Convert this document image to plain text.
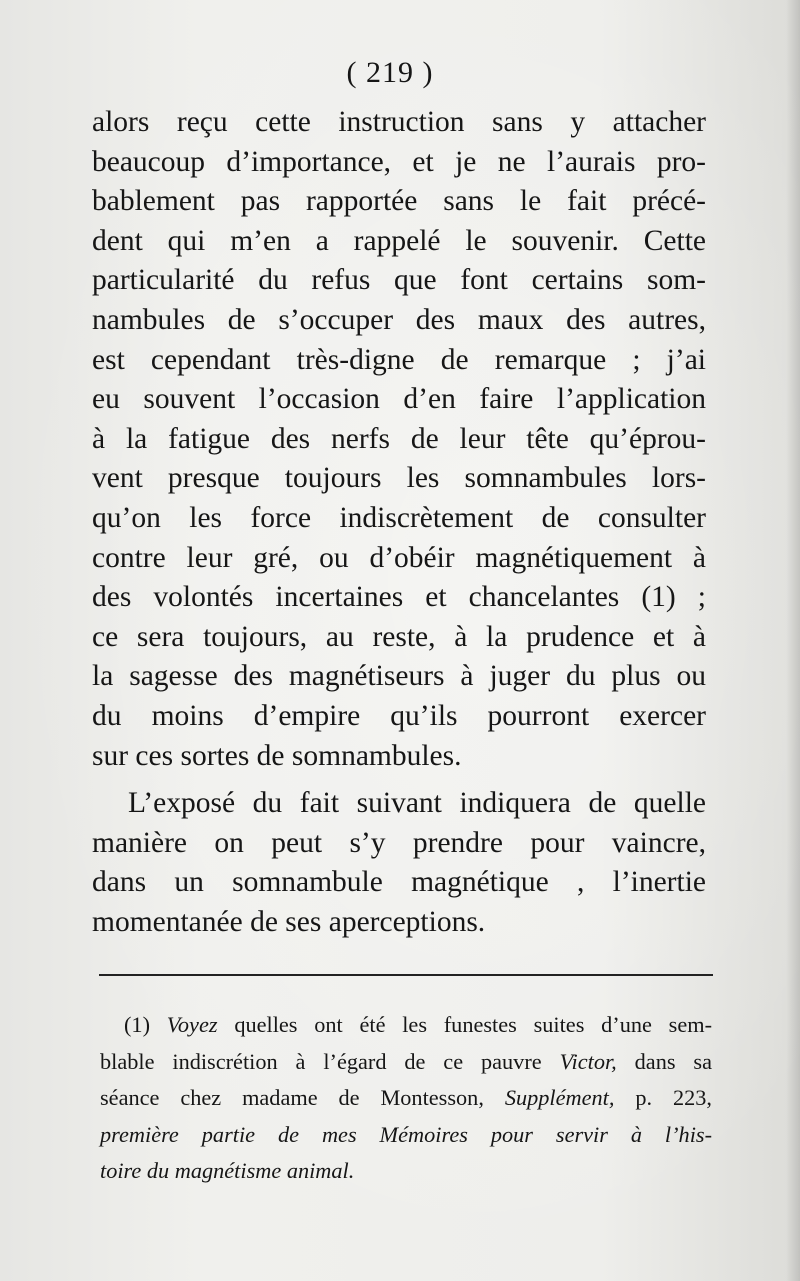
( 219 )
alors reçu cette instruction sans y attacher
beaucoup d’importance, et je ne l’aurais pro-
bablement pas rapportée sans le fait précé-
dent qui m’en a rappelé le souvenir. Cette
particularité du refus que font certains som-
nambules de s’occuper des maux des autres,
est cependant très-digne de remarque ; j’ai
eu souvent l’occasion d’en faire l’application
à la fatigue des nerfs de leur tête qu’éprou-
vent presque toujours les somnambules lors-
qu’on les force indiscrètement de consulter
contre leur gré, ou d’obéir magnétiquement à
des volontés incertaines et chancelantes (1) ;
ce sera toujours, au reste, à la prudence et à
la sagesse des magnétiseurs à juger du plus ou
du moins d’empire qu’ils pourront exercer
sur ces sortes de somnambules.
L’exposé du fait suivant indiquera de quelle
manière on peut s’y prendre pour vaincre,
dans un somnambule magnétique , l’inertie
momentanée de ses aperceptions.
(1) Voyez quelles ont été les funestes suites d’une sem-
blable indiscrétion à l’égard de ce pauvre Victor, dans sa
séance chez madame de Montesson, Supplément, p. 223,
première partie de mes Mémoires pour servir à l’his-
toire du magnétisme animal.
